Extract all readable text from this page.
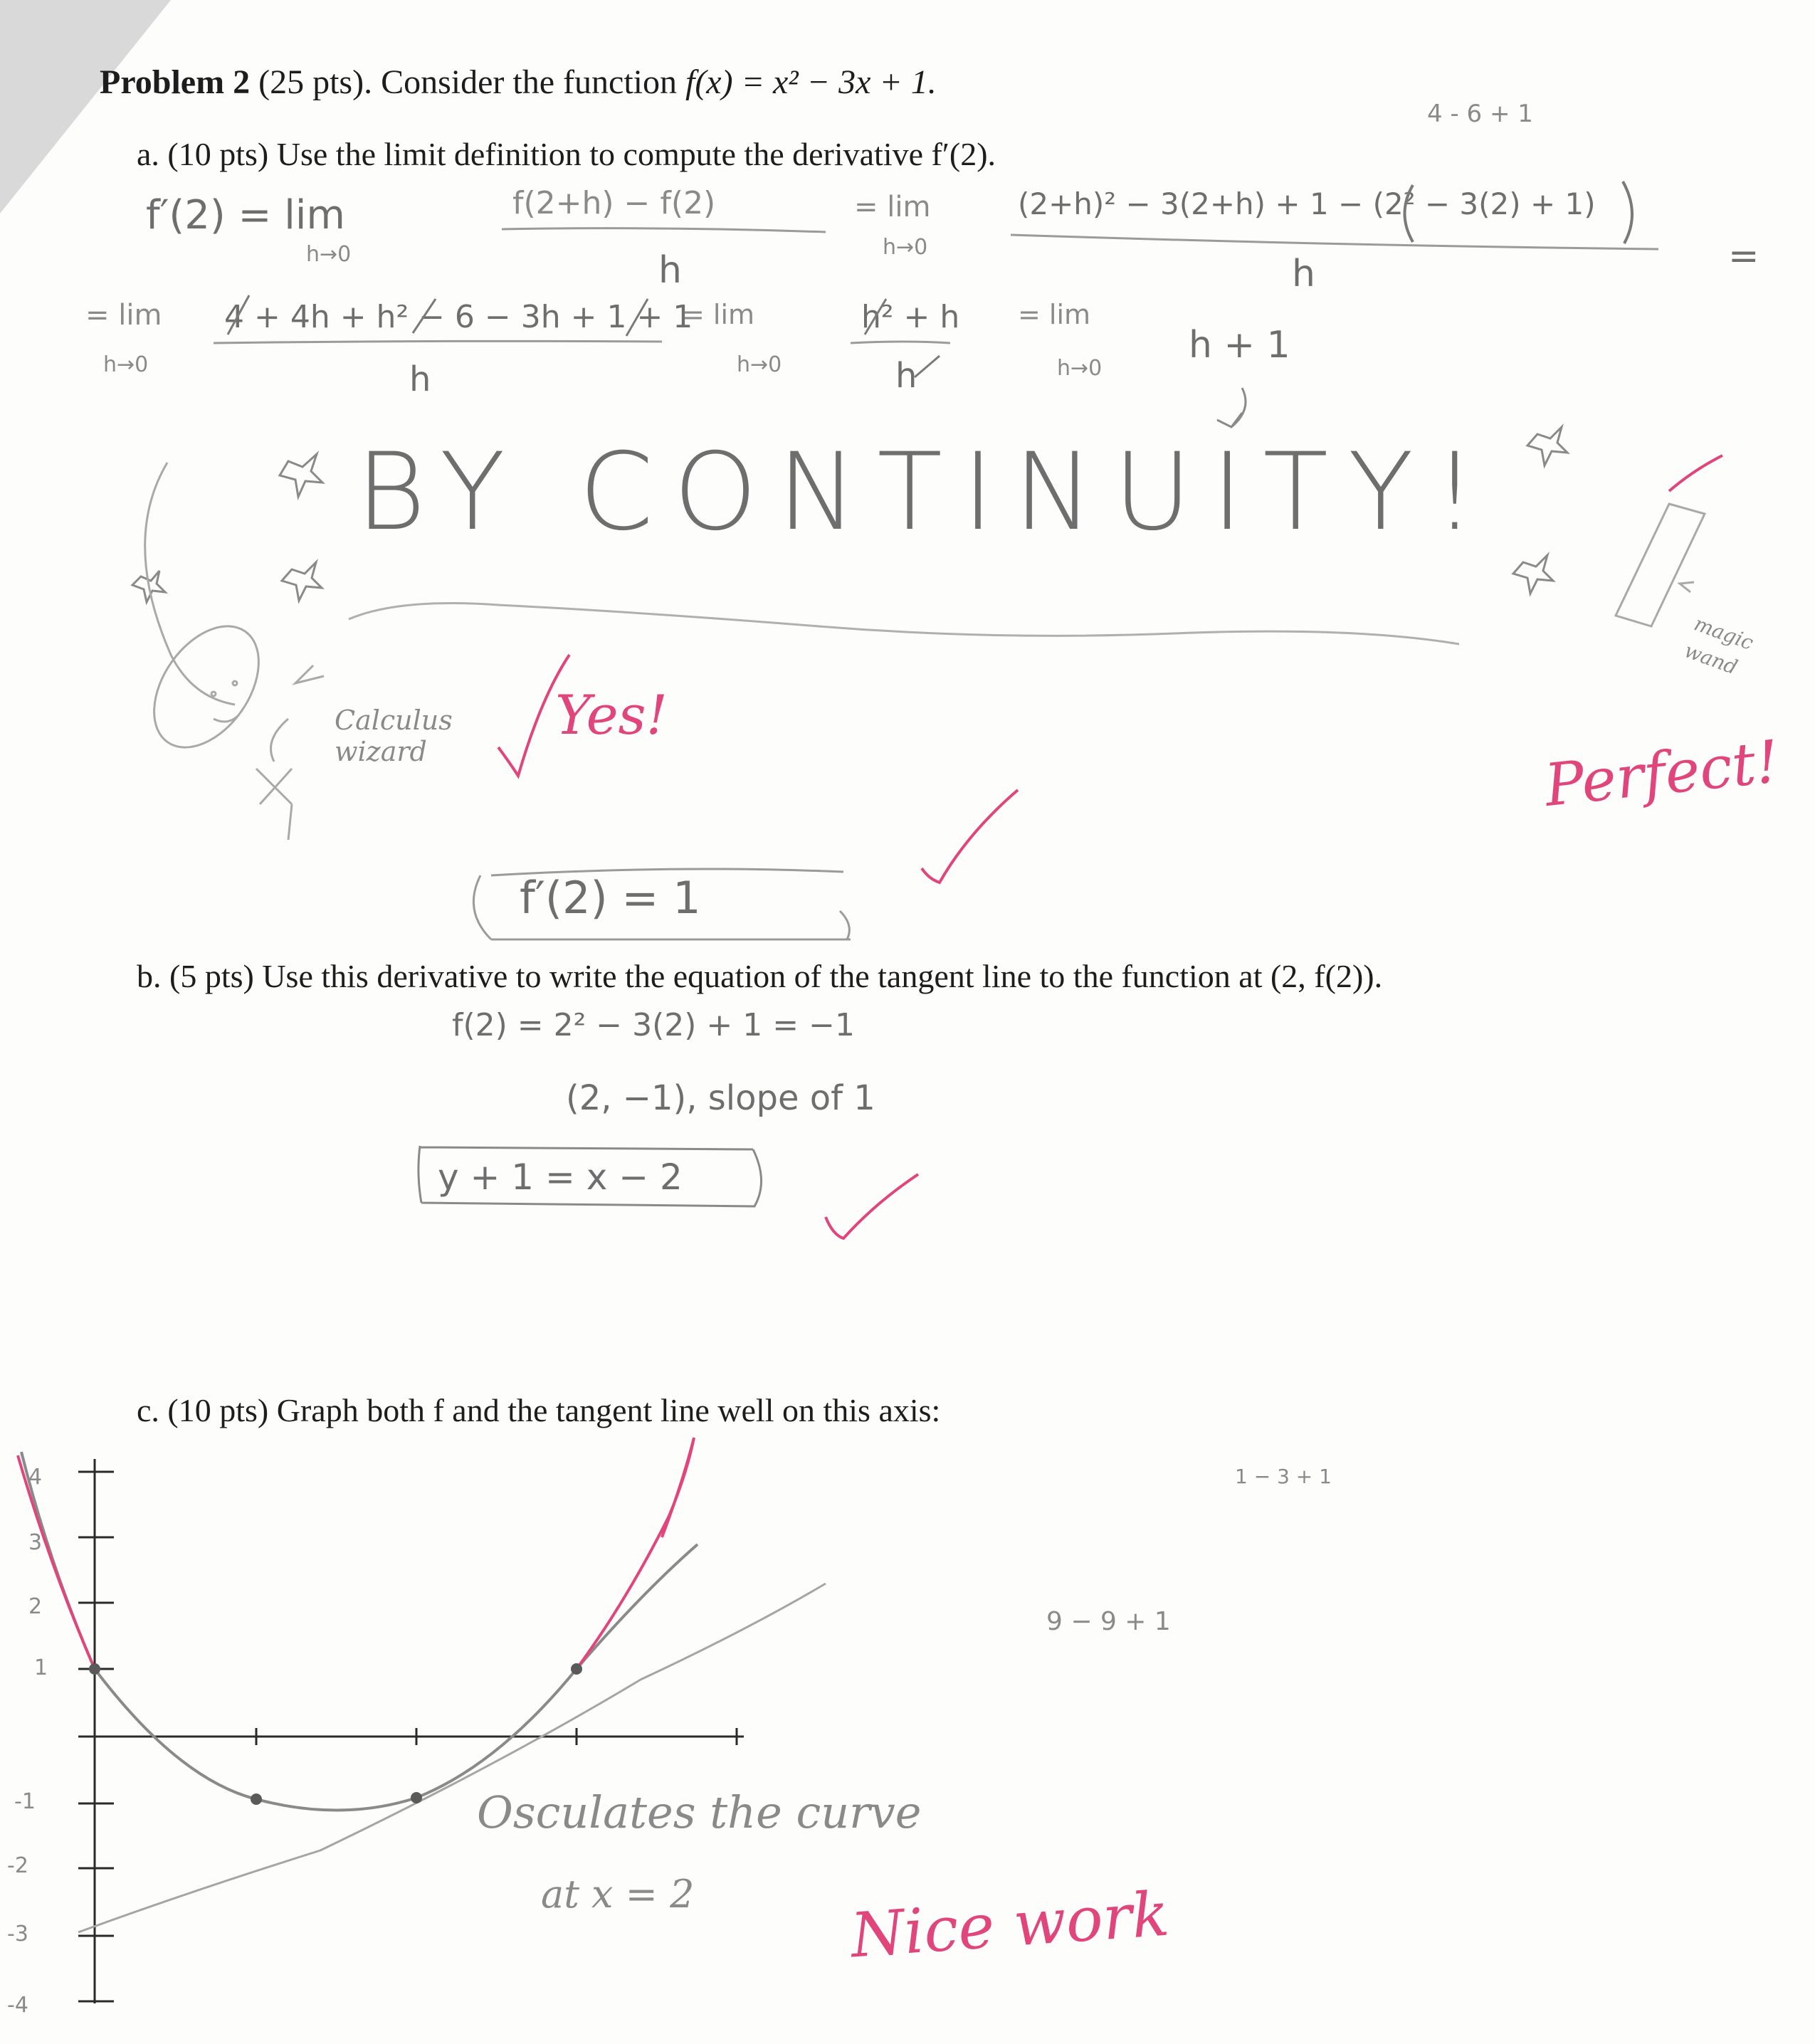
Problem 2 (25 pts). Consider the function f(x) = x² − 3x + 1.
a. (10 pts) Use the limit definition to compute the derivative f′(2).
b. (5 pts) Use this derivative to write the equation of the tangent line to the function at (2, f(2)).
c. (10 pts) Graph both f and the tangent line well on this axis:
4 - 6 + 1
f′(2) = lim
h→0
f(2+h) − f(2)
h
= lim
h→0
(2+h)² − 3(2+h) + 1 − (2² − 3(2) + 1)
h	=
= lim
h→0
4 + 4h + h² − 6 − 3h + 1 + 1
h
= lim
h→0
h² + h
h
= lim
h→0
h + 1
BY CONTINUITY!
Calculus wizard
magic wand
Yes!
Perfect!
f′(2) = 1
f(2) = 2² − 3(2) + 1 = −1
(2, −1), slope of 1
y + 1 = x − 2
1 − 3 + 1
9 − 9 + 1
Osculates the curve
at x = 2	Nice work
4
3
2
1
-1
-2
-3
-4
